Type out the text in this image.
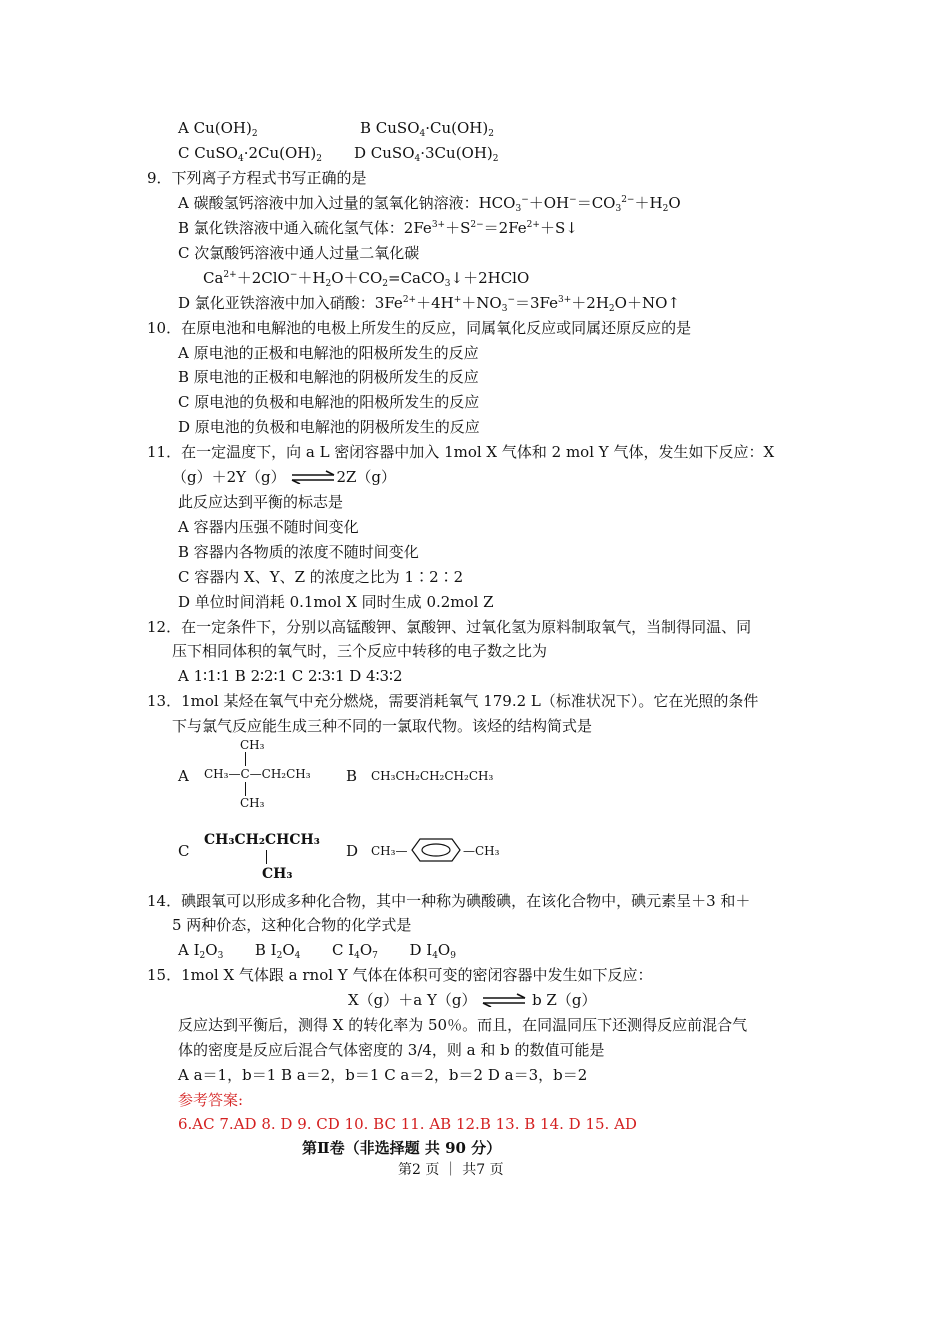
A $Cu(OH)_2$	B $CuSO_4\cdot Cu(OH)_2$
C $CuSO_4\cdot 2Cu(OH)_2$ D $CuSO_4\cdot 3Cu(OH)_2$
9．下列离子方程式书写正确的是
A 碳酸氢钙溶液中加入过量的氢氧化钠溶液：$HCO_3^-+OH^-=CO_3^{2-}+H_2O$
B 氯化铁溶液中通入硫化氢气体：$2Fe^{3+}+S^{2-}=2Fe^{2+}+S↓$
C 次氯酸钙溶液中通人过量二氧化碳
$Ca^{2+}+2ClO^-+H_2O+CO_2=CaCO_3↓+2HClO$
D 氯化亚铁溶液中加入硝酸：$3Fe^{2+}+4H^++NO_3^-=3Fe^{3+}+2H_2O+NO↑$
10．在原电池和电解池的电极上所发生的反应，同属氧化反应或同属还原反应的是
A 原电池的正极和电解池的阳极所发生的反应
B 原电池的正极和电解池的阴极所发生的反应
C 原电池的负极和电解池的阳极所发生的反应
D 原电池的负极和电解池的阴极所发生的反应
11．在一定温度下，向 a L 密闭容器中加入 1mol X 气体和 2 mol Y 气体，发生如下反应：X
（g）＋2Y（g） ⇌2Z（g）
此反应达到平衡的标志是
A 容器内压强不随时间变化
B 容器内各物质的浓度不随时间变化
C 容器内 X、Y、Z 的浓度之比为 1∶2∶2
D 单位时间消耗 0.1mol X 同时生成 0.2mol Z
12．在一定条件下，分别以高锰酸钾、氯酸钾、过氧化氢为原料制取氧气，当制得同温、同
压下相同体积的氧气时，三个反应中转移的电子数之比为
A 1∶1∶1 B 2∶2∶1 C 2∶3∶1 D 4∶3∶2
13．1mol 某烃在氧气中充分燃烧，需要消耗氧气 179.2 L（标准状况下）。它在光照的条件
下与氯气反应能生成三种不同的一氯取代物。该烃的结构简式是
A
CH₃
CH₃—C—CH₂CH₃
CH₃
B CH₃CH₂CH₂CH₂CH₃
C
CH₃CH₂CHCH₃
CH₃
D CH₃—	—CH₃
14．碘跟氧可以形成多种化合物，其中一种称为碘酸碘，在该化合物中，碘元素呈＋3 和＋
5 两种价态，这种化合物的化学式是
A $I_2O_3$ B $I_2O_4$ C $I_4O_7$ D $I_4O_9$
15．1mol X 气体跟 a rnol Y 气体在体积可变的密闭容器中发生如下反应：
X（g）＋a Y（g） ⇌ b Z（g）
反应达到平衡后，测得 X 的转化率为 50％。而且，在同温同压下还测得反应前混合气
体的密度是反应后混合气体密度的 3/4，则 a 和 b 的数值可能是
A a＝1，b＝1 B a＝2，b＝1 C a＝2，b＝2 D a＝3，b＝2
参考答案:
6.AC 7.AD 8. D 9. CD 10. BC 11. AB 12.B 13. B 14. D 15. AD
第Ⅱ卷（非选择题 共 90 分）
第2 页 ｜ 共7 页
